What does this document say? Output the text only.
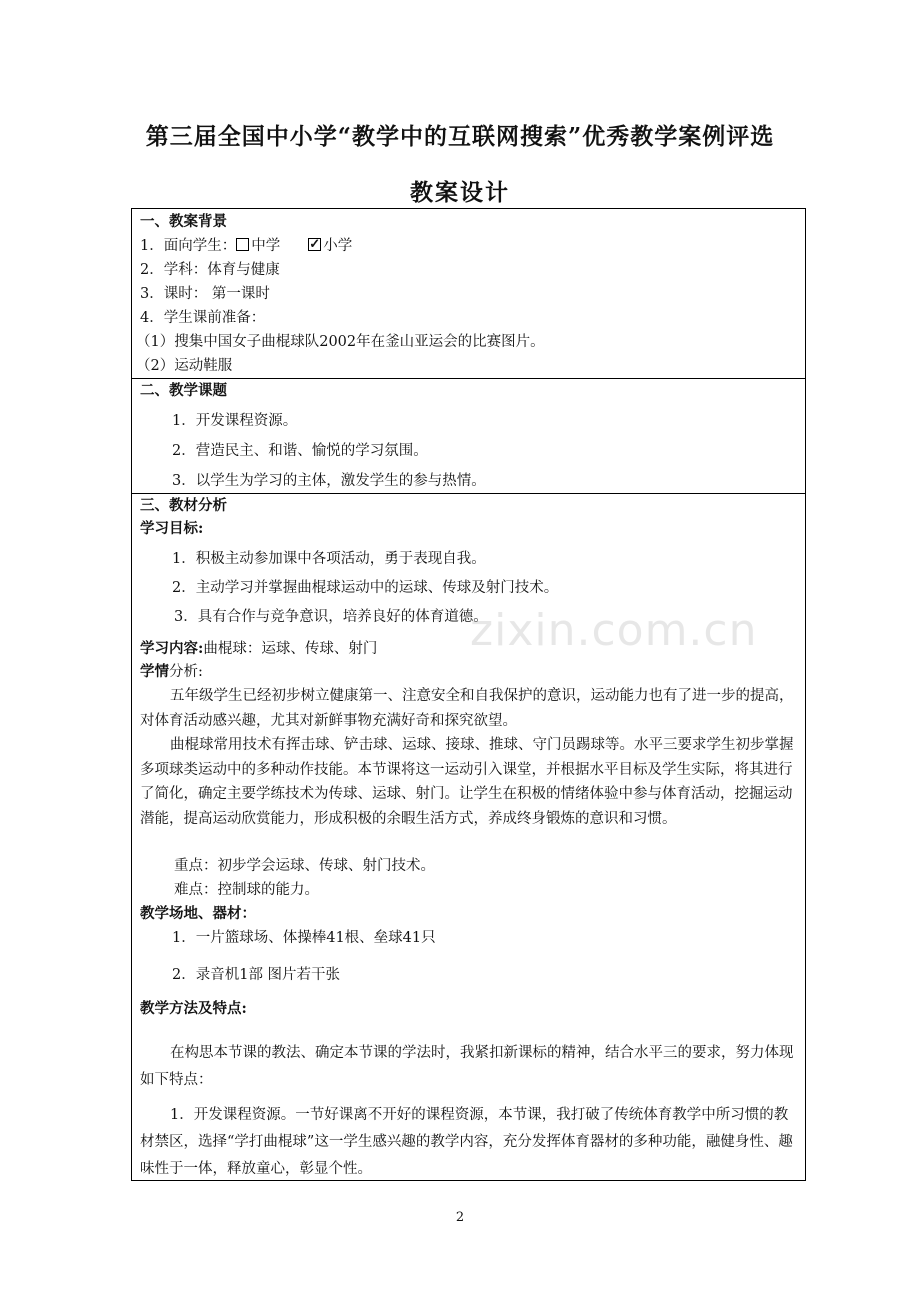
第三届全国中小学“教学中的互联网搜索”优秀教学案例评选
教案设计
一、教案背景
1．面向学生： 中学✓	小学
2．学科：体育与健康
3．课时： 第一课时
4．学生课前准备：
（1）搜集中国女子曲棍球队2002年在釜山亚运会的比赛图片。
（2）运动鞋服
二、教学课题
1．开发课程资源。
2．营造民主、和谐、愉悦的学习氛围。
3．以学生为学习的主体，激发学生的参与热情。
三、教材分析
学习目标:
1．积极主动参加课中各项活动，勇于表现自我。
2．主动学习并掌握曲棍球运动中的运球、传球及射门技术。
3．具有合作与竞争意识，培养良好的体育道德。
学习内容:曲棍球：运球、传球、射门
学情分析:

五年级学生已经初步树立健康第一、注意安全和自我保护的意识，运动能力也有了进一步的提高，对体育活动感兴趣，尤其对新鲜事物充满好奇和探究欲望。

曲棍球常用技术有挥击球、铲击球、运球、接球、推球、守门员踢球等。水平三要求学生初步掌握多项球类运动中的多种动作技能。本节课将这一运动引入课堂，并根据水平目标及学生实际，将其进行了简化，确定主要学练技术为传球、运球、射门。让学生在积极的情绪体验中参与体育活动，挖掘运动潜能，提高运动欣赏能力，形成积极的余暇生活方式，养成终身锻炼的意识和习惯。

重点：初步学会运球、传球、射门技术。
难点：控制球的能力。
教学场地、器材：
1．一片篮球场、体操棒41根、垒球41只
2．录音机1部 图片若干张
教学方法及特点:

在构思本节课的教法、确定本节课的学法时，我紧扣新课标的精神，结合水平三的要求，努力体现如下特点：

1．开发课程资源。一节好课离不开好的课程资源，本节课，我打破了传统体育教学中所习惯的教材禁区，选择“学打曲棍球”这一学生感兴趣的教学内容，充分发挥体育器材的多种功能，融健身性、趣味性于一体，释放童心，彰显个性。

zixin.com.cn
2
